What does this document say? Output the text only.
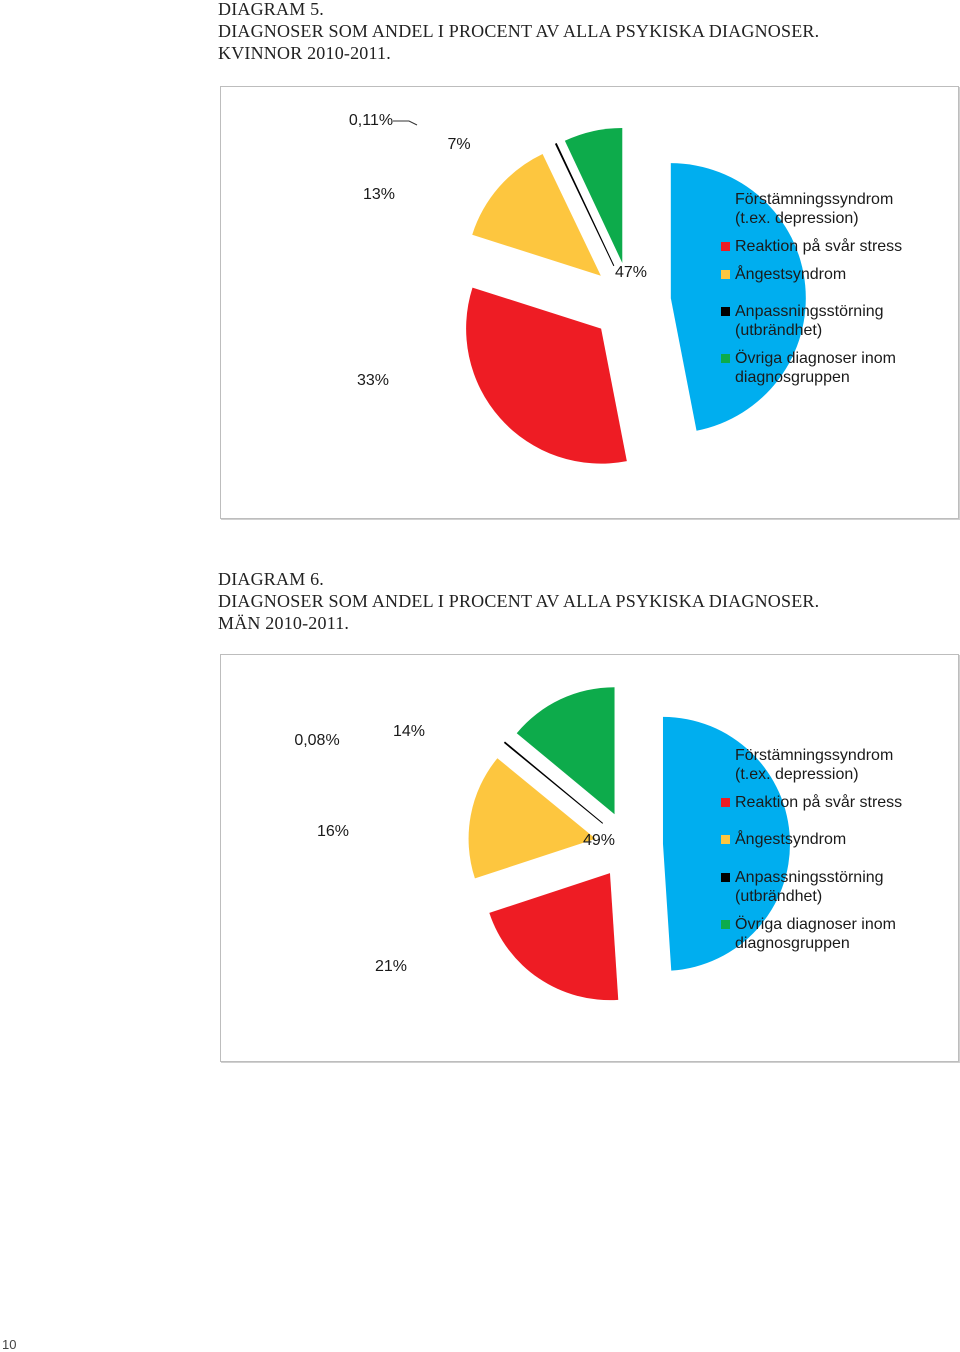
DIAGRAM 5.
DIAGNOSER SOM ANDEL I PROCENT AV ALLA PSYKISKA DIAGNOSER.
KVINNOR 2010-2011.
47%
33%
13%
0,11%
7%
Förstämningssyndrom (t.ex. depression)
Reaktion på svår stress
Ångestsyndrom
Anpassningsstörning (utbrändhet)
Övriga diagnoser inom diagnosgruppen
DIAGRAM 6.
DIAGNOSER SOM ANDEL I PROCENT AV ALLA PSYKISKA DIAGNOSER.
MÄN 2010-2011.
49%
21%
16%
0,08%
14%
Förstämningssyndrom (t.ex. depression)
Reaktion på svår stress
Ångestsyndrom
Anpassningsstörning (utbrändhet)
Övriga diagnoser inom diagnosgruppen
10
